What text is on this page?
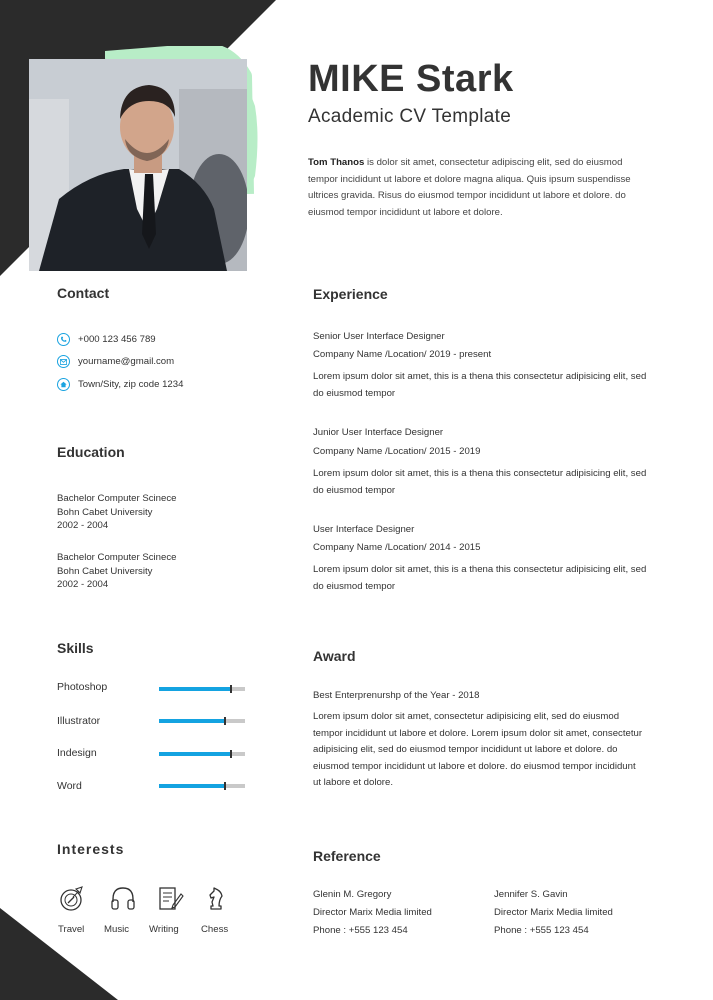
MIKE Stark
Academic CV Template
Tom Thanos is dolor sit amet, consectetur adipiscing elit, sed do eiusmod tempor incididunt ut labore et dolore magna aliqua. Quis ipsum suspendisse ultrices gravida. Risus do eiusmod tempor incididunt ut labore et dolore. do eiusmod tempor incididunt ut labore et dolore.
Contact
+000 123 456 789
yourname@gmail.com
Town/Sity, zip code 1234
Education
Bachelor Computer Scinece
Bohn Cabet University
2002 - 2004
Bachelor Computer Scinece
Bohn Cabet University
2002 - 2004
Skills
Photoshop
Illustrator
Indesign
Word
Interests
Travel Music Writing Chess
Experience
Senior User Interface Designer
Company Name /Location/ 2019 - present
Lorem ipsum dolor sit amet, this is a thena this consectetur adipisicing elit, sed do eiusmod tempor
Junior User Interface Designer
Company Name /Location/ 2015 - 2019
Lorem ipsum dolor sit amet, this is a thena this consectetur adipisicing elit, sed do eiusmod tempor
User Interface Designer
Company Name /Location/ 2014 - 2015
Lorem ipsum dolor sit amet, this is a thena this consectetur adipisicing elit, sed do eiusmod tempor
Award
Best Enterprenurshp of the Year - 2018
Lorem ipsum dolor sit amet, consectetur adipisicing elit, sed do eiusmod tempor incididunt ut labore et dolore. Lorem ipsum dolor sit amet, consectetur adipisicing elit, sed do eiusmod tempor incididunt ut labore et dolore. do eiusmod tempor incididunt ut labore et dolore. do eiusmod tempor incididunt ut labore et dolore.
Reference
Glenin M. Gregory
Director Marix Media limited
Phone : +555 123 454
Jennifer S. Gavin
Director Marix Media limited
Phone : +555 123 454
